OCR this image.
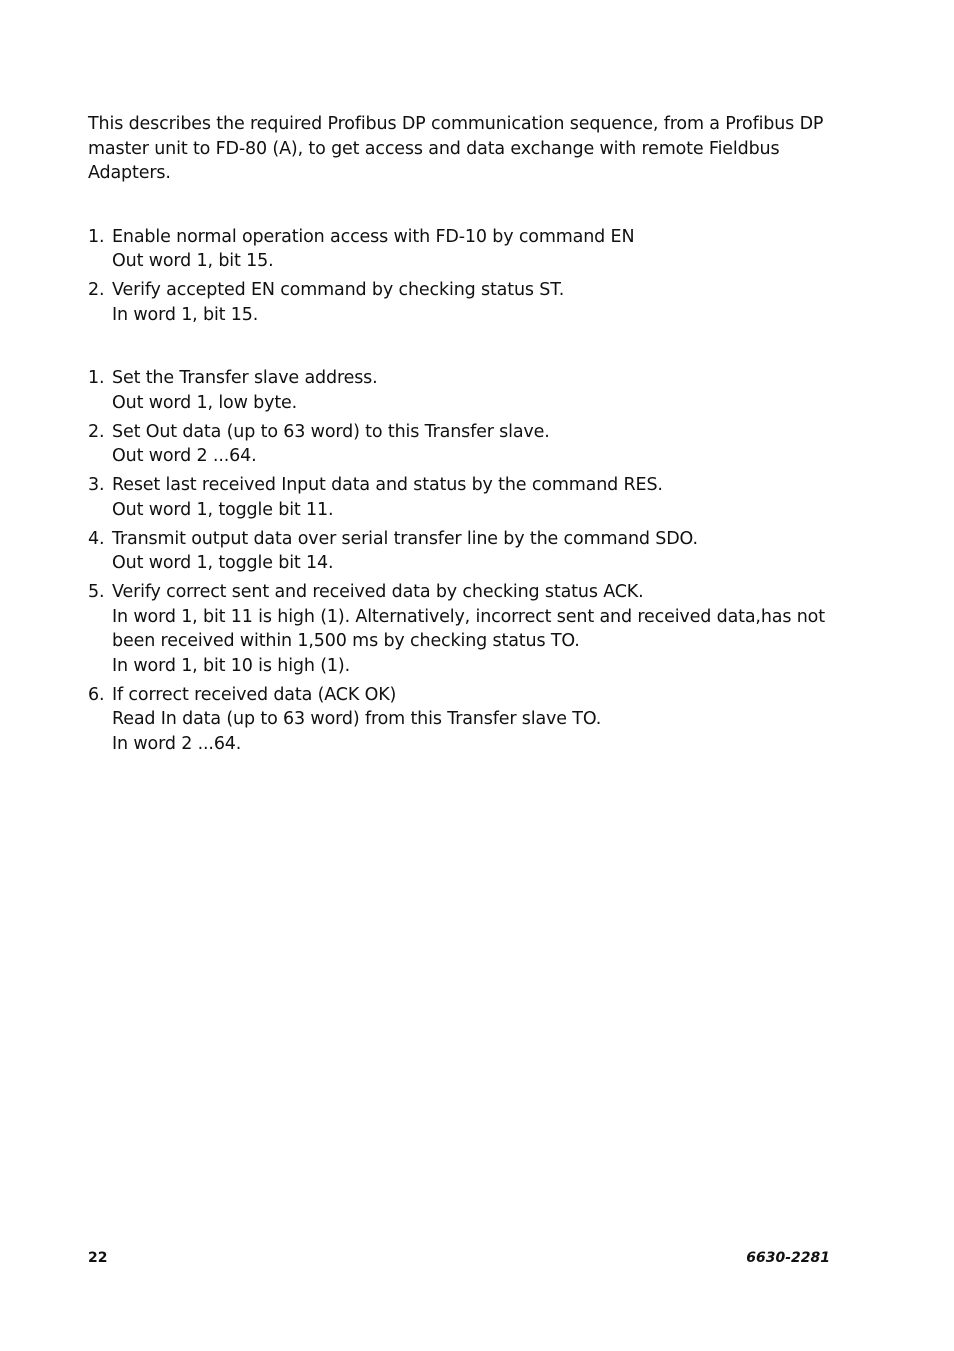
This describes the required Profibus DP communication sequence, from a Profibus DP master unit to FD-80 (A), to get access and data exchange with remote Fieldbus Adapters.

1. Enable normal operation access with FD-10 by command EN
Out word 1, bit 15.
2. Verify accepted EN command by checking status ST.
In word 1, bit 15.
1. Set the Transfer slave address.
Out word 1, low byte.
2. Set Out data (up to 63 word) to this Transfer slave.
Out word 2 ...64.
3. Reset last received Input data and status by the command RES.
Out word 1, toggle bit 11.
4. Transmit output data over serial transfer line by the command SDO.
Out word 1, toggle bit 14.
5. Verify correct sent and received data by checking status ACK.
In word 1, bit 11 is high (1). Alternatively, incorrect sent and received data,has not been received within 1,500 ms by checking status TO.
In word 1, bit 10 is high (1).
6. If correct received data (ACK OK)
Read In data (up to 63 word) from this Transfer slave TO.
In word 2 ...64.
22	6630-2281
